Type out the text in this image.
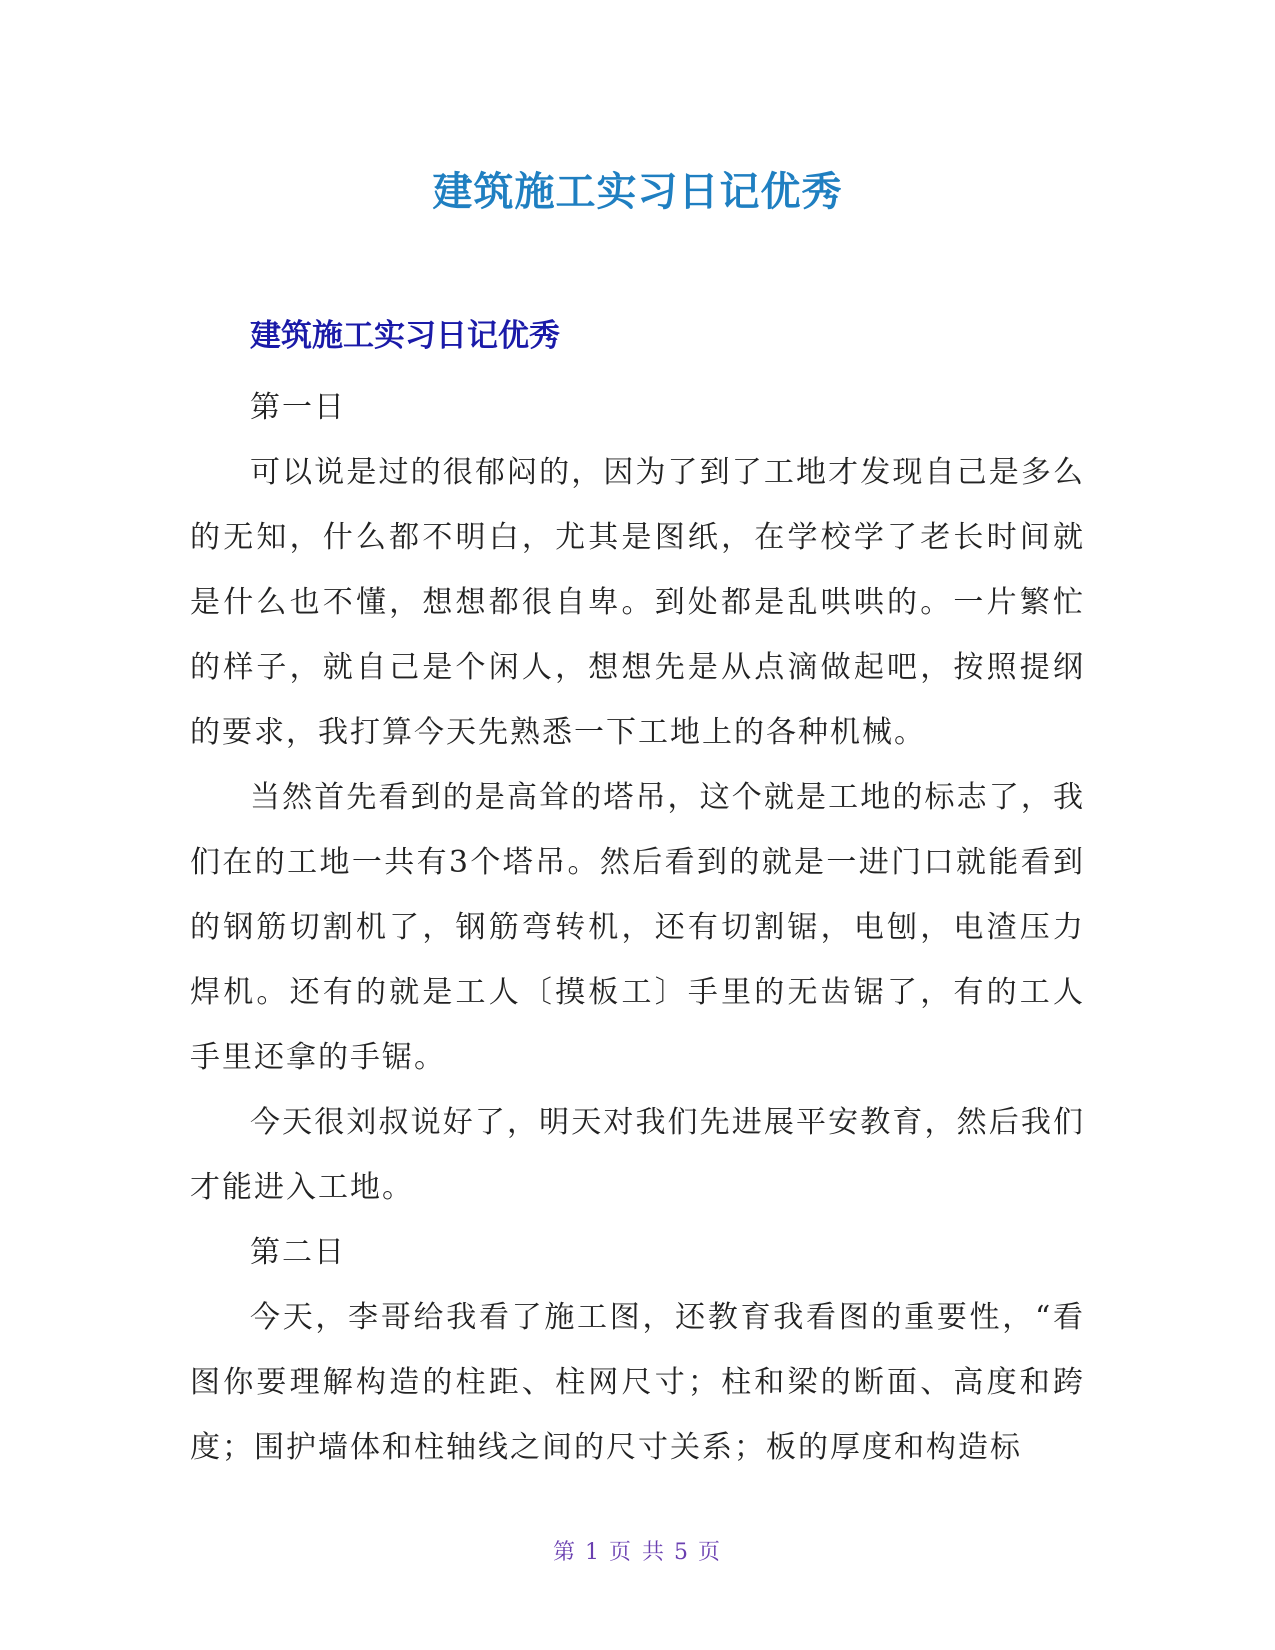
建筑施工实习日记优秀
建筑施工实习日记优秀

第一日

可以说是过的很郁闷的，因为了到了工地才发现自己是多么的无知，什么都不明白，尤其是图纸，在学校学了老长时间就是什么也不懂，想想都很自卑。到处都是乱哄哄的。一片繁忙的样子，就自己是个闲人，想想先是从点滴做起吧，按照提纲的要求，我打算今天先熟悉一下工地上的各种机械。

当然首先看到的是高耸的塔吊，这个就是工地的标志了，我们在的工地一共有3个塔吊。然后看到的就是一进门口就能看到的钢筋切割机了，钢筋弯转机，还有切割锯，电刨，电渣压力焊机。还有的就是工人〔摸板工〕手里的无齿锯了，有的工人手里还拿的手锯。

今天很刘叔说好了，明天对我们先进展平安教育，然后我们才能进入工地。

第二日

今天，李哥给我看了施工图，还教育我看图的重要性，“看图你要理解构造的柱距、柱网尺寸；柱和梁的断面、高度和跨度；围护墙体和柱轴线之间的尺寸关系；板的厚度和构造标

第 1 页 共 5 页
